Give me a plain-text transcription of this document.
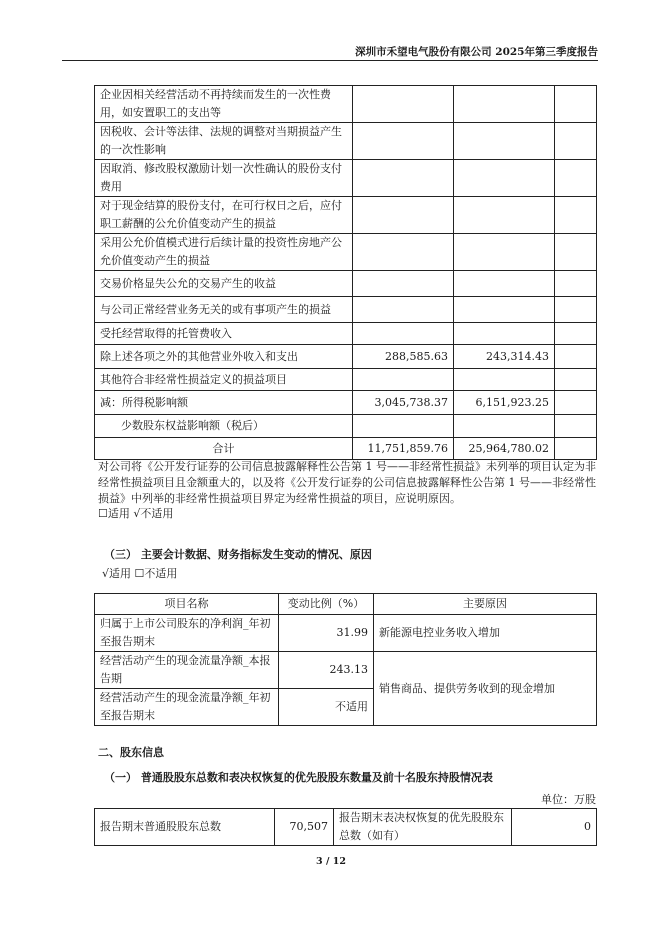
深圳市禾望电气股份有限公司 2025年第三季度报告
企业因相关经营活动不再持续而发生的一次性费用，如安置职工的支出等			
因税收、会计等法律、法规的调整对当期损益产生的一次性影响			
因取消、修改股权激励计划一次性确认的股份支付费用			
对于现金结算的股份支付，在可行权日之后，应付职工薪酬的公允价值变动产生的损益			
采用公允价值模式进行后续计量的投资性房地产公允价值变动产生的损益			
交易价格显失公允的交易产生的收益			
与公司正常经营业务无关的或有事项产生的损益			
受托经营取得的托管费收入			
除上述各项之外的其他营业外收入和支出	288,585.63	243,314.43	
其他符合非经常性损益定义的损益项目			
减：所得税影响额	3,045,738.37	6,151,923.25	
少数股东权益影响额（税后）			
合计	11,751,859.76	25,964,780.02	
对公司将《公开发行证券的公司信息披露解释性公告第 1 号——非经常性损益》未列举的项目认定为非经常性损益项目且金额重大的，以及将《公开发行证券的公司信息披露解释性公告第 1 号——非经常性损益》中列举的非经常性损益项目界定为经常性损益的项目，应说明原因。
☐适用 √不适用
（三） 主要会计数据、财务指标发生变动的情况、原因
√适用 ☐不适用
项目名称	变动比例（%）	主要原因
归属于上市公司股东的净利润_年初至报告期末	31.99	新能源电控业务收入增加
经营活动产生的现金流量净额_本报告期	243.13	销售商品、提供劳务收到的现金增加
经营活动产生的现金流量净额_年初至报告期末	不适用	
二、股东信息
（一） 普通股股东总数和表决权恢复的优先股股东数量及前十名股东持股情况表
单位：万股
报告期末普通股股东总数	70,507	报告期末表决权恢复的优先股股东总数（如有）	0
3 / 12
